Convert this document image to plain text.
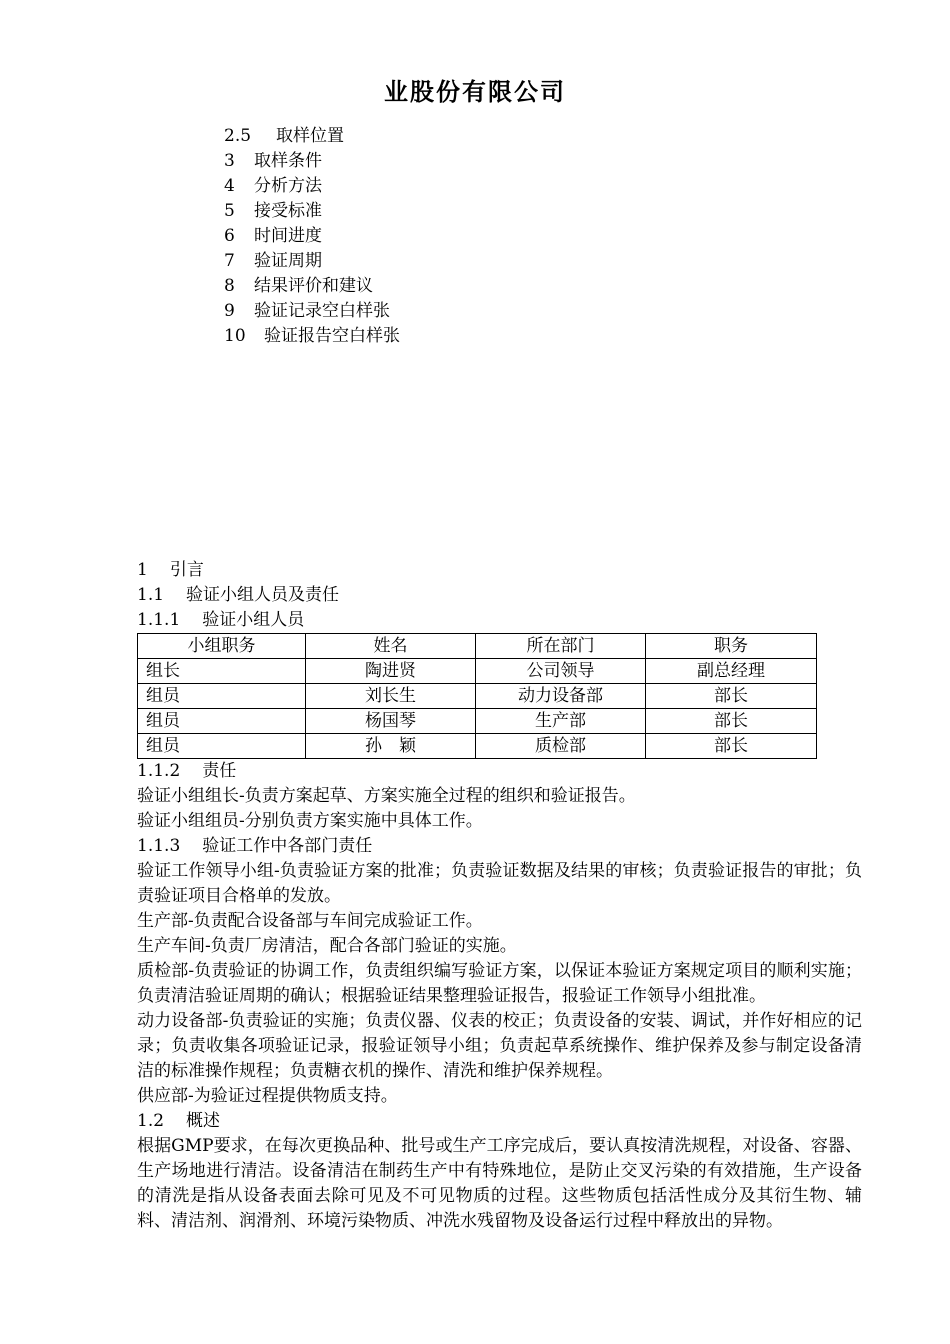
业股份有限公司
2.5 取样位置
3 取样条件
4 分析方法
5 接受标准
6 时间进度
7 验证周期
8 结果评价和建议
9 验证记录空白样张
10 验证报告空白样张
1 引言
1.1 验证小组人员及责任
1.1.1 验证小组人员
小组职务	姓名	所在部门	职务
组长	陶进贤	公司领导	副总经理
组员	刘长生	动力设备部	部长
组员	杨国琴	生产部	部长
组员	孙　颖	质检部	部长
1.1.2 责任
验证小组组长-负责方案起草、方案实施全过程的组织和验证报告。
验证小组组员-分别负责方案实施中具体工作。
1.1.3 验证工作中各部门责任
验证工作领导小组-负责验证方案的批准；负责验证数据及结果的审核；负责验证报告的审批；负责验证项目合格单的发放。
生产部-负责配合设备部与车间完成验证工作。
生产车间-负责厂房清洁，配合各部门验证的实施。
质检部-负责验证的协调工作，负责组织编写验证方案，以保证本验证方案规定项目的顺利实施；负责清洁验证周期的确认；根据验证结果整理验证报告，报验证工作领导小组批准。
动力设备部-负责验证的实施；负责仪器、仪表的校正；负责设备的安装、调试，并作好相应的记录；负责收集各项验证记录，报验证领导小组；负责起草系统操作、维护保养及参与制定设备清洁的标准操作规程；负责糖衣机的操作、清洗和维护保养规程。
供应部-为验证过程提供物质支持。
1.2 概述
根据GMP要求，在每次更换品种、批号或生产工序完成后，要认真按清洗规程，对设备、容器、生产场地进行清洁。设备清洁在制药生产中有特殊地位，是防止交叉污染的有效措施，生产设备的清洗是指从设备表面去除可见及不可见物质的过程。这些物质包括活性成分及其衍生物、辅料、清洁剂、润滑剂、环境污染物质、冲洗水残留物及设备运行过程中释放出的异物。
